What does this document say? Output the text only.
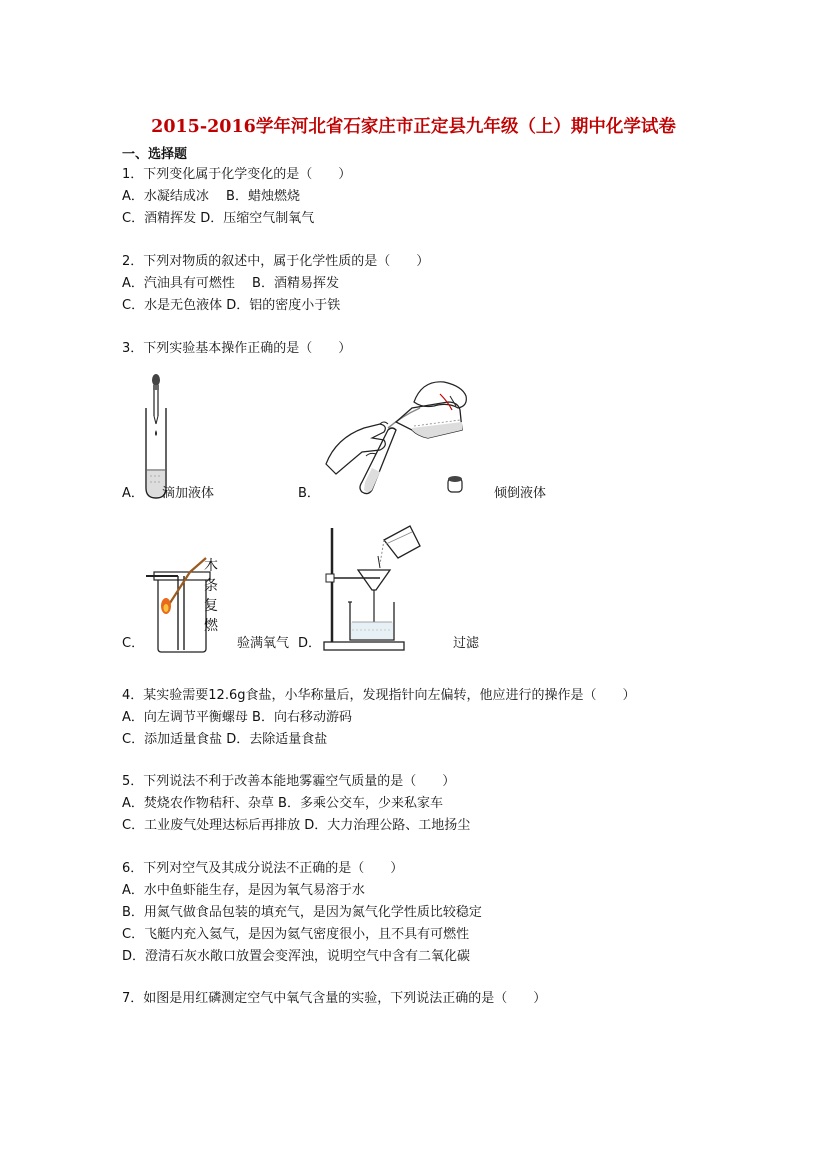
2015-2016学年河北省石家庄市正定县九年级（上）期中化学试卷
一、选择题
1．下列变化属于化学变化的是（　　）
A．水凝结成冰　 B．蜡烛燃烧
C．酒精挥发 D．压缩空气制氧气
2．下列对物质的叙述中，属于化学性质的是（　　）
A．汽油具有可燃性　 B．酒精易挥发
C．水是无色液体 D．铝的密度小于铁
3．下列实验基本操作正确的是（　　）
A． 滴加液体	B．	倾倒液体
木
条
复
燃
C．	验满氧气 D．	过滤
4．某实验需要12.6g食盐，小华称量后，发现指针向左偏转，他应进行的操作是（　　）
A．向左调节平衡螺母 B．向右移动游码
C．添加适量食盐 D．去除适量食盐
5．下列说法不利于改善本能地雾霾空气质量的是（　　）
A．焚烧农作物秸秆、杂草 B．多乘公交车，少来私家车
C．工业废气处理达标后再排放 D．大力治理公路、工地扬尘
6．下列对空气及其成分说法不正确的是（　　）
A．水中鱼虾能生存，是因为氧气易溶于水
B．用氮气做食品包装的填充气，是因为氮气化学性质比较稳定
C．飞艇内充入氦气，是因为氦气密度很小，且不具有可燃性
D．澄清石灰水敞口放置会变浑浊，说明空气中含有二氧化碳
7．如图是用红磷测定空气中氧气含量的实验，下列说法正确的是（　　）
